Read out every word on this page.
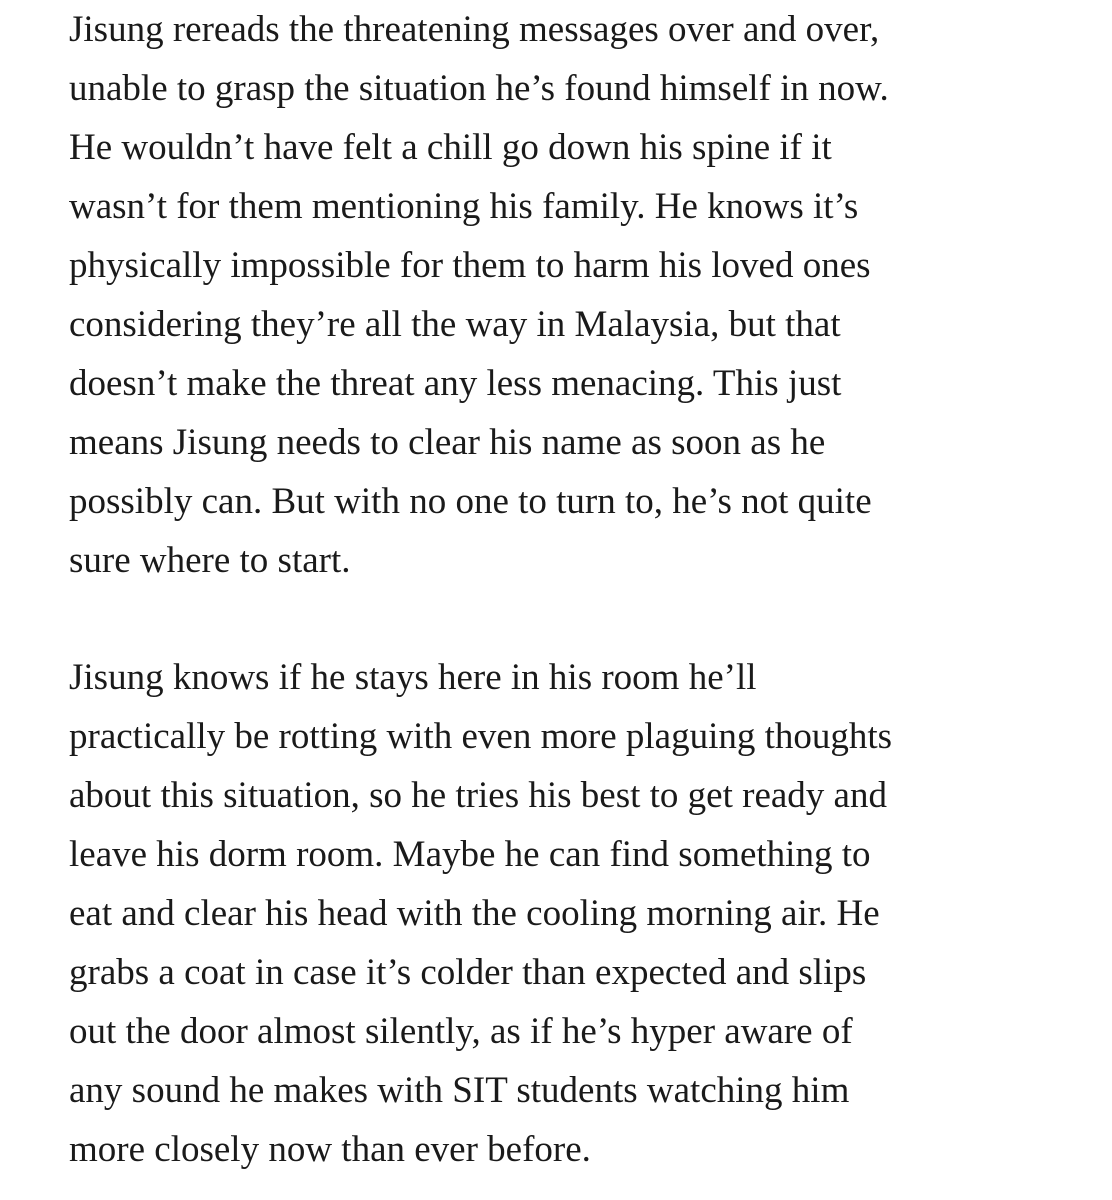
Jisung rereads the threatening messages over and over,

unable to grasp the situation he’s found himself in now.

He wouldn’t have felt a chill go down his spine if it

wasn’t for them mentioning his family. He knows it’s

physically impossible for them to harm his loved ones

considering they’re all the way in Malaysia, but that

doesn’t make the threat any less menacing. This just

means Jisung needs to clear his name as soon as he

possibly can. But with no one to turn to, he’s not quite

sure where to start.

Jisung knows if he stays here in his room he’ll

practically be rotting with even more plaguing thoughts

about this situation, so he tries his best to get ready and

leave his dorm room. Maybe he can find something to

eat and clear his head with the cooling morning air. He

grabs a coat in case it’s colder than expected and slips

out the door almost silently, as if he’s hyper aware of

any sound he makes with SIT students watching him

more closely now than ever before.
